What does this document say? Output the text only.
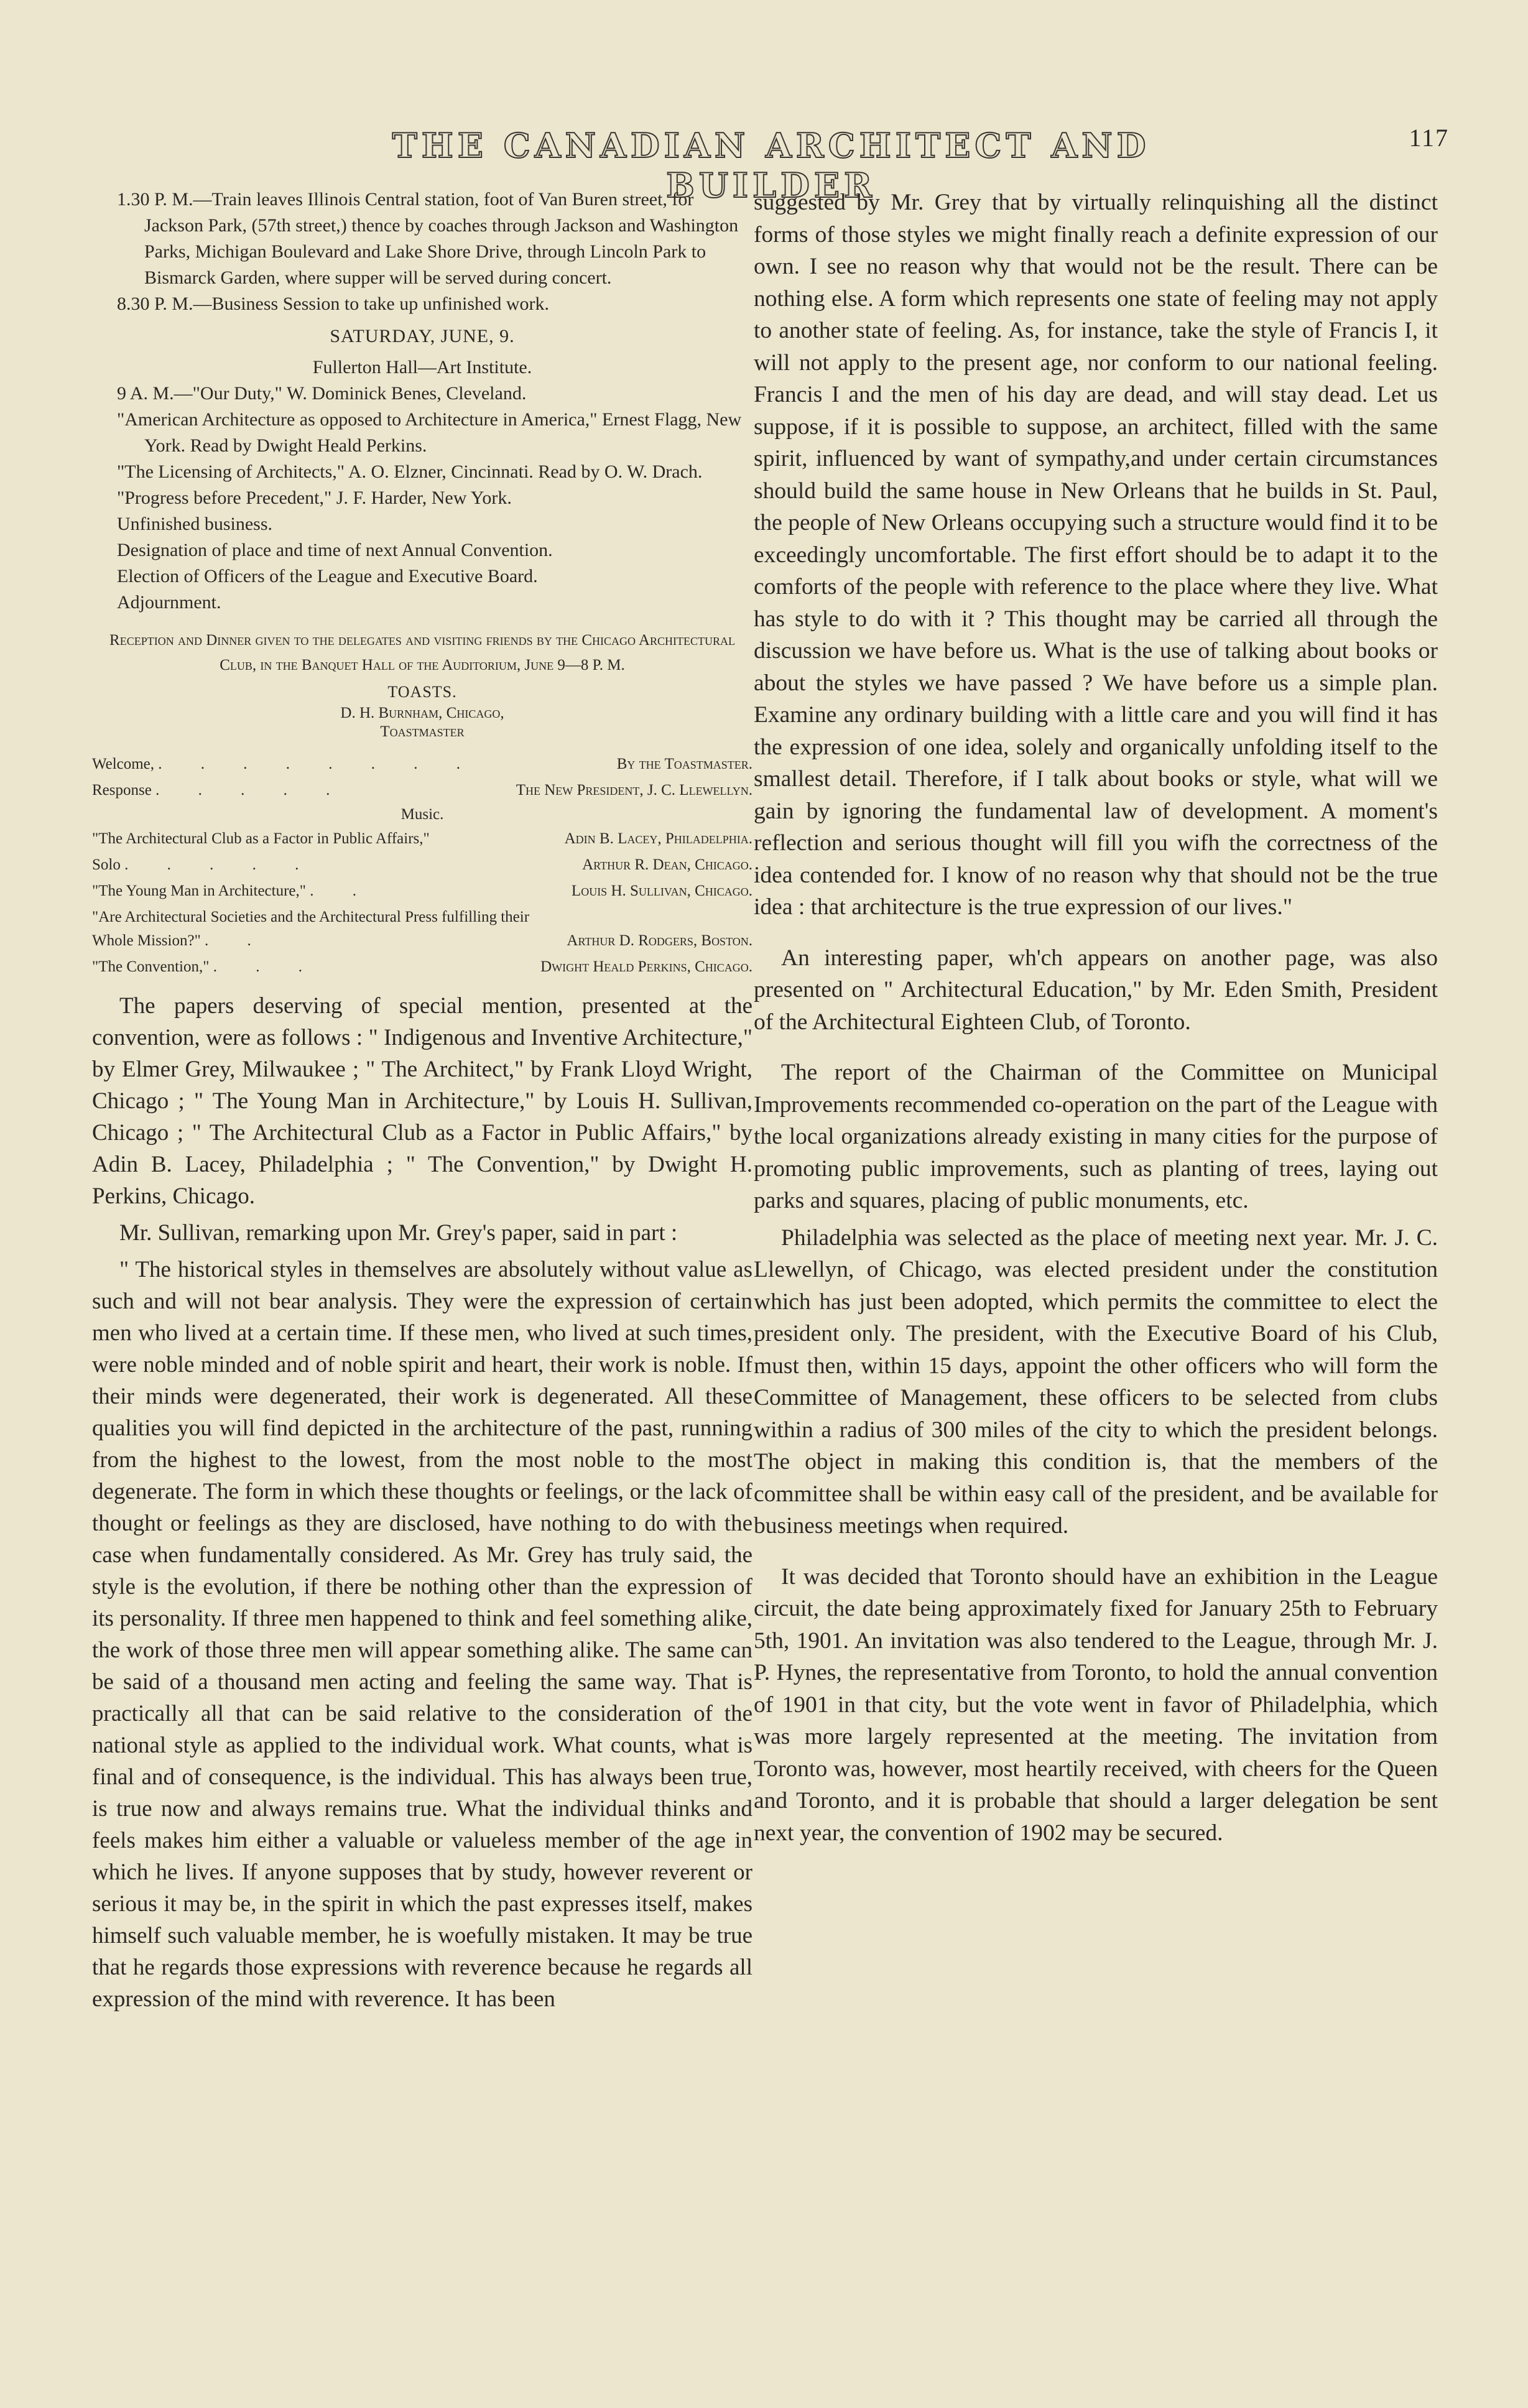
THE CANADIAN ARCHITECT AND BUILDER
117
1.30 P. M.—Train leaves Illinois Central station, foot of Van Buren street, for Jackson Park, (57th street,) thence by coaches through Jackson and Washington Parks, Michigan Boulevard and Lake Shore Drive, through Lincoln Park to Bismarck Garden, where supper will be served during concert.
8.30 P. M.—Business Session to take up unfinished work.
SATURDAY, JUNE, 9.
Fullerton Hall—Art Institute.
9 A. M.—"Our Duty," W. Dominick Benes, Cleveland.
"American Architecture as opposed to Architecture in America," Ernest Flagg, New York. Read by Dwight Heald Perkins.
"The Licensing of Architects," A. O. Elzner, Cincinnati. Read by O. W. Drach.
"Progress before Precedent," J. F. Harder, New York.
Unfinished business.
Designation of place and time of next Annual Convention.
Election of Officers of the League and Executive Board.
Adjournment.
Reception and Dinner given to the delegates and visiting friends by the Chicago Architectural Club, in the Banquet Hall of the Auditorium, June 9—8 P. M.
TOASTS.
D. H. Burnham, Chicago,
Toastmaster
Welcome, . . . . . . . .	By the Toastmaster.
Response . . . . .	The New President, J. C. Llewellyn.
Music.
"The Architectural Club as a Factor in Public Affairs,"	Adin B. Lacey, Philadelphia.
Solo . . . . .	Arthur R. Dean, Chicago.
"The Young Man in Architecture," . .	Louis H. Sullivan, Chicago.
"Are Architectural Societies and the Architectural Press fulfilling their Whole Mission?" . .	Arthur D. Rodgers, Boston.
"The Convention," . . .	Dwight Heald Perkins, Chicago.

The papers deserving of special mention, presented at the convention, were as follows : " Indigenous and Inventive Architecture," by Elmer Grey, Milwaukee ; " The Architect," by Frank Lloyd Wright, Chicago ; " The Young Man in Architecture," by Louis H. Sullivan, Chicago ; " The Architectural Club as a Factor in Public Affairs," by Adin B. Lacey, Philadelphia ; " The Convention," by Dwight H. Perkins, Chicago.

Mr. Sullivan, remarking upon Mr. Grey's paper, said in part :

" The historical styles in themselves are absolutely without value as such and will not bear analysis. They were the expression of certain men who lived at a certain time. If these men, who lived at such times, were noble minded and of noble spirit and heart, their work is noble. If their minds were degenerated, their work is degenerated. All these qualities you will find depicted in the architecture of the past, running from the highest to the lowest, from the most noble to the most degenerate. The form in which these thoughts or feelings, or the lack of thought or feelings as they are disclosed, have nothing to do with the case when fundamentally considered. As Mr. Grey has truly said, the style is the evolution, if there be nothing other than the expression of its personality. If three men happened to think and feel something alike, the work of those three men will appear something alike. The same can be said of a thousand men acting and feeling the same way. That is practically all that can be said relative to the consideration of the national style as applied to the individual work. What counts, what is final and of consequence, is the individual. This has always been true, is true now and always remains true. What the individual thinks and feels makes him either a valuable or valueless member of the age in which he lives. If anyone supposes that by study, however reverent or serious it may be, in the spirit in which the past expresses itself, makes himself such valuable member, he is woefully mistaken. It may be true that he regards those expressions with reverence because he regards all expression of the mind with reverence. It has been

suggested by Mr. Grey that by virtually relinquishing all the distinct forms of those styles we might finally reach a definite expression of our own. I see no reason why that would not be the result. There can be nothing else. A form which represents one state of feeling may not apply to another state of feeling. As, for instance, take the style of Francis I, it will not apply to the present age, nor conform to our national feeling. Francis I and the men of his day are dead, and will stay dead. Let us suppose, if it is possible to suppose, an architect, filled with the same spirit, influenced by want of sympathy,and under certain circumstances should build the same house in New Orleans that he builds in St. Paul, the people of New Orleans occupying such a structure would find it to be exceedingly uncomfortable. The first effort should be to adapt it to the comforts of the people with reference to the place where they live. What has style to do with it ? This thought may be carried all through the discussion we have before us. What is the use of talking about books or about the styles we have passed ? We have before us a simple plan. Examine any ordinary building with a little care and you will find it has the expression of one idea, solely and organically unfolding itself to the smallest detail. Therefore, if I talk about books or style, what will we gain by ignoring the fundamental law of development. A moment's reflection and serious thought will fill you wifh the correctness of the idea contended for. I know of no reason why that should not be the true idea : that architecture is the true expression of our lives."

An interesting paper, wh'ch appears on another page, was also presented on " Architectural Education," by Mr. Eden Smith, President of the Architectural Eighteen Club, of Toronto.

The report of the Chairman of the Committee on Municipal Improvements recommended co-operation on the part of the League with the local organizations already existing in many cities for the purpose of promoting public improvements, such as planting of trees, laying out parks and squares, placing of public monuments, etc.

Philadelphia was selected as the place of meeting next year. Mr. J. C. Llewellyn, of Chicago, was elected president under the constitution which has just been adopted, which permits the committee to elect the president only. The president, with the Executive Board of his Club, must then, within 15 days, appoint the other officers who will form the Committee of Management, these officers to be selected from clubs within a radius of 300 miles of the city to which the president belongs. The object in making this condition is, that the members of the committee shall be within easy call of the president, and be available for business meetings when required.

It was decided that Toronto should have an exhibition in the League circuit, the date being approximately fixed for January 25th to February 5th, 1901. An invitation was also tendered to the League, through Mr. J. P. Hynes, the representative from Toronto, to hold the annual convention of 1901 in that city, but the vote went in favor of Philadelphia, which was more largely represented at the meeting. The invitation from Toronto was, however, most heartily received, with cheers for the Queen and Toronto, and it is probable that should a larger delegation be sent next year, the convention of 1902 may be secured.
